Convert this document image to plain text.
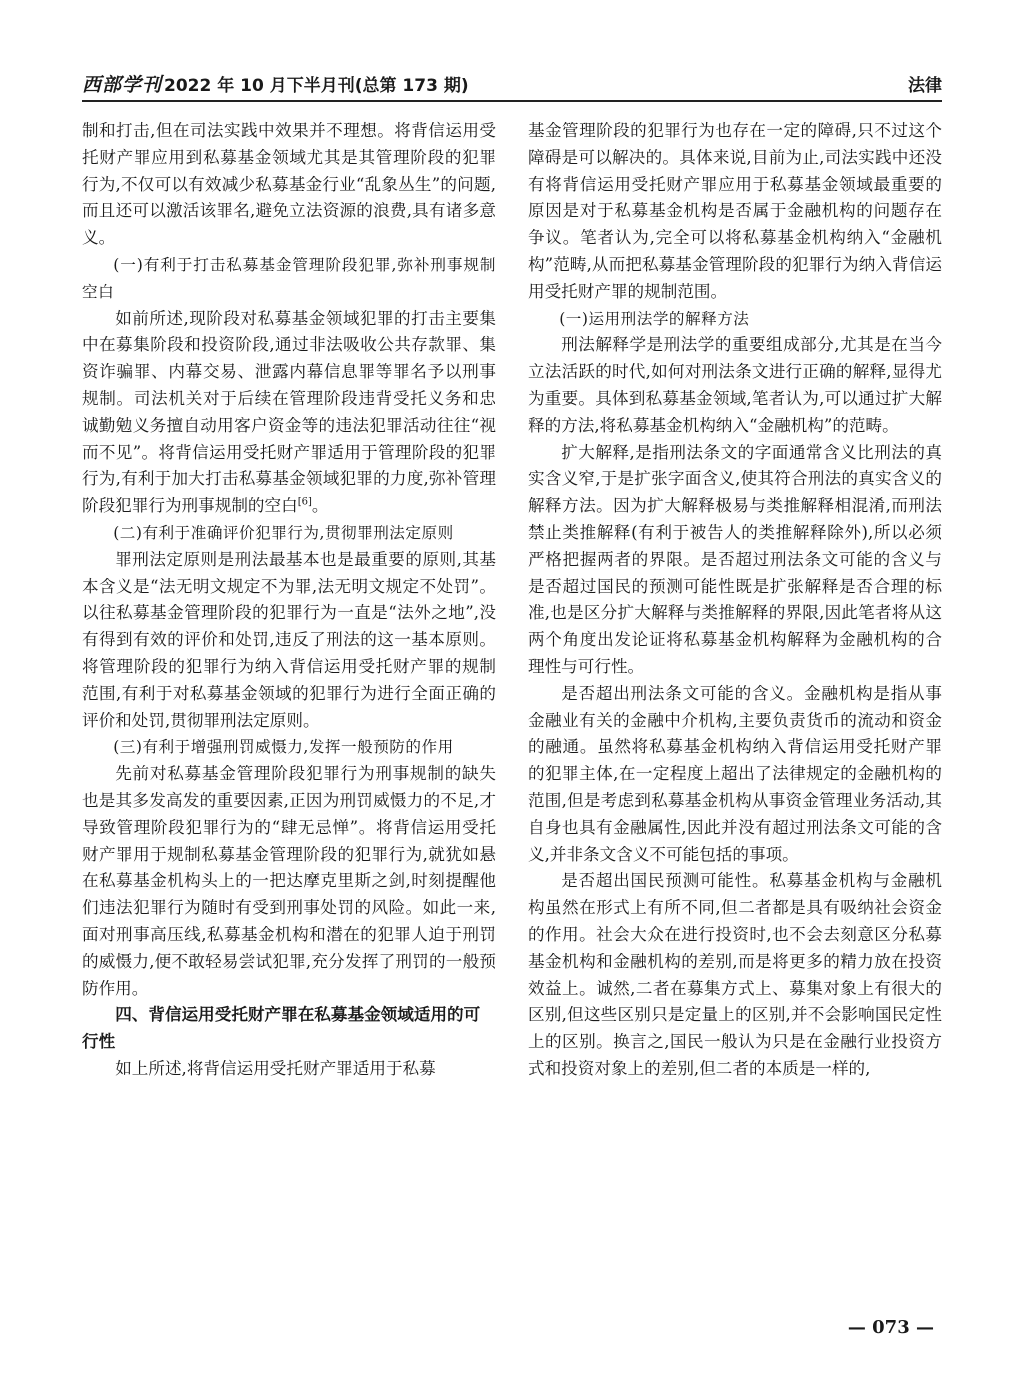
西部学刊 2022 年 10 月下半月刊(总第 173 期)	法律

制和打击,但在司法实践中效果并不理想。将背信运用受托财产罪应用到私募基金领域尤其是其管理阶段的犯罪行为,不仅可以有效减少私募基金行业“乱象丛生”的问题,而且还可以激活该罪名,避免立法资源的浪费,具有诸多意义。

(一)有利于打击私募基金管理阶段犯罪,弥补刑事规制空白

如前所述,现阶段对私募基金领域犯罪的打击主要集中在募集阶段和投资阶段,通过非法吸收公共存款罪、集资诈骗罪、内幕交易、泄露内幕信息罪等罪名予以刑事规制。司法机关对于后续在管理阶段违背受托义务和忠诚勤勉义务擅自动用客户资金等的违法犯罪活动往往“视而不见”。将背信运用受托财产罪适用于管理阶段的犯罪行为,有利于加大打击私募基金领域犯罪的力度,弥补管理阶段犯罪行为刑事规制的空白[6]。

(二)有利于准确评价犯罪行为,贯彻罪刑法定原则

罪刑法定原则是刑法最基本也是最重要的原则,其基本含义是“法无明文规定不为罪,法无明文规定不处罚”。以往私募基金管理阶段的犯罪行为一直是“法外之地”,没有得到有效的评价和处罚,违反了刑法的这一基本原则。将管理阶段的犯罪行为纳入背信运用受托财产罪的规制范围,有利于对私募基金领域的犯罪行为进行全面正确的评价和处罚,贯彻罪刑法定原则。

(三)有利于增强刑罚威慑力,发挥一般预防的作用

先前对私募基金管理阶段犯罪行为刑事规制的缺失也是其多发高发的重要因素,正因为刑罚威慑力的不足,才导致管理阶段犯罪行为的“肆无忌惮”。将背信运用受托财产罪用于规制私募基金管理阶段的犯罪行为,就犹如悬在私募基金机构头上的一把达摩克里斯之剑,时刻提醒他们违法犯罪行为随时有受到刑事处罚的风险。如此一来,面对刑事高压线,私募基金机构和潜在的犯罪人迫于刑罚的威慑力,便不敢轻易尝试犯罪,充分发挥了刑罚的一般预防作用。

四、背信运用受托财产罪在私募基金领域适用的可行性

如上所述,将背信运用受托财产罪适用于私募

基金管理阶段的犯罪行为也存在一定的障碍,只不过这个障碍是可以解决的。具体来说,目前为止,司法实践中还没有将背信运用受托财产罪应用于私募基金领域最重要的原因是对于私募基金机构是否属于金融机构的问题存在争议。笔者认为,完全可以将私募基金机构纳入“金融机构”范畴,从而把私募基金管理阶段的犯罪行为纳入背信运用受托财产罪的规制范围。

(一)运用刑法学的解释方法

刑法解释学是刑法学的重要组成部分,尤其是在当今立法活跃的时代,如何对刑法条文进行正确的解释,显得尤为重要。具体到私募基金领域,笔者认为,可以通过扩大解释的方法,将私募基金机构纳入“金融机构”的范畴。

扩大解释,是指刑法条文的字面通常含义比刑法的真实含义窄,于是扩张字面含义,使其符合刑法的真实含义的解释方法。因为扩大解释极易与类推解释相混淆,而刑法禁止类推解释(有利于被告人的类推解释除外),所以必须严格把握两者的界限。是否超过刑法条文可能的含义与是否超过国民的预测可能性既是扩张解释是否合理的标准,也是区分扩大解释与类推解释的界限,因此笔者将从这两个角度出发论证将私募基金机构解释为金融机构的合理性与可行性。

是否超出刑法条文可能的含义。金融机构是指从事金融业有关的金融中介机构,主要负责货币的流动和资金的融通。虽然将私募基金机构纳入背信运用受托财产罪的犯罪主体,在一定程度上超出了法律规定的金融机构的范围,但是考虑到私募基金机构从事资金管理业务活动,其自身也具有金融属性,因此并没有超过刑法条文可能的含义,并非条文含义不可能包括的事项。

是否超出国民预测可能性。私募基金机构与金融机构虽然在形式上有所不同,但二者都是具有吸纳社会资金的作用。社会大众在进行投资时,也不会去刻意区分私募基金机构和金融机构的差别,而是将更多的精力放在投资效益上。诚然,二者在募集方式上、募集对象上有很大的区别,但这些区别只是定量上的区别,并不会影响国民定性上的区别。换言之,国民一般认为只是在金融行业投资方式和投资对象上的差别,但二者的本质是一样的,

— 073 —
